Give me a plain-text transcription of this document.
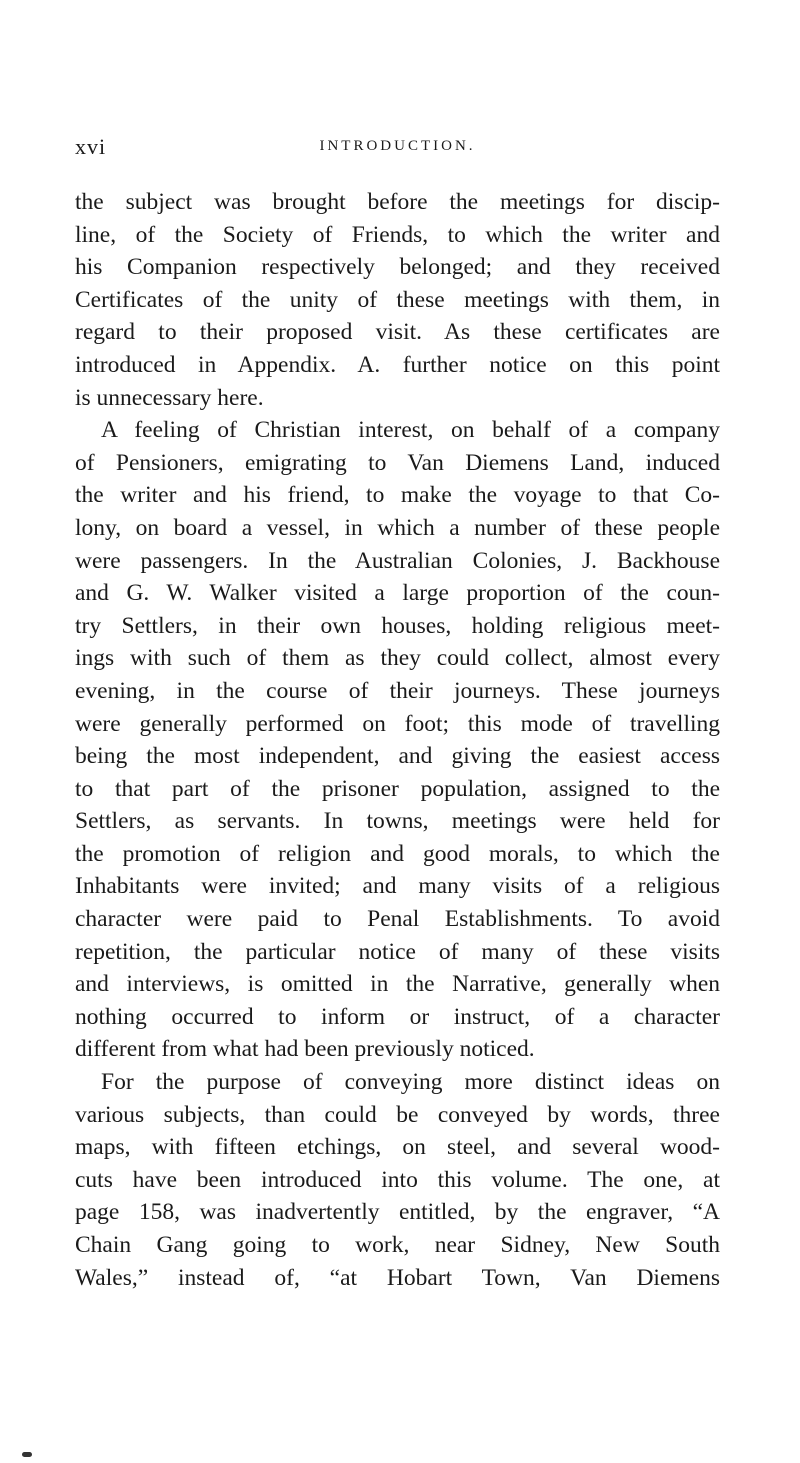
xvi	INTRODUCTION.
the subject was brought before the meetings for discip-
line, of the Society of Friends, to which the writer and
his Companion respectively belonged; and they received
Certificates of the unity of these meetings with them, in
regard to their proposed visit. As these certificates are
introduced in Appendix. A. further notice on this point
is unnecessary here.
A feeling of Christian interest, on behalf of a company
of Pensioners, emigrating to Van Diemens Land, induced
the writer and his friend, to make the voyage to that Co-
lony, on board a vessel, in which a number of these people
were passengers. In the Australian Colonies, J. Backhouse
and G. W. Walker visited a large proportion of the coun-
try Settlers, in their own houses, holding religious meet-
ings with such of them as they could collect, almost every
evening, in the course of their journeys. These journeys
were generally performed on foot; this mode of travelling
being the most independent, and giving the easiest access
to that part of the prisoner population, assigned to the
Settlers, as servants. In towns, meetings were held for
the promotion of religion and good morals, to which the
Inhabitants were invited; and many visits of a religious
character were paid to Penal Establishments. To avoid
repetition, the particular notice of many of these visits
and interviews, is omitted in the Narrative, generally when
nothing occurred to inform or instruct, of a character
different from what had been previously noticed.
For the purpose of conveying more distinct ideas on
various subjects, than could be conveyed by words, three
maps, with fifteen etchings, on steel, and several wood-
cuts have been introduced into this volume. The one, at
page 158, was inadvertently entitled, by the engraver, “A
Chain Gang going to work, near Sidney, New South
Wales,” instead of, “at Hobart Town, Van Diemens
